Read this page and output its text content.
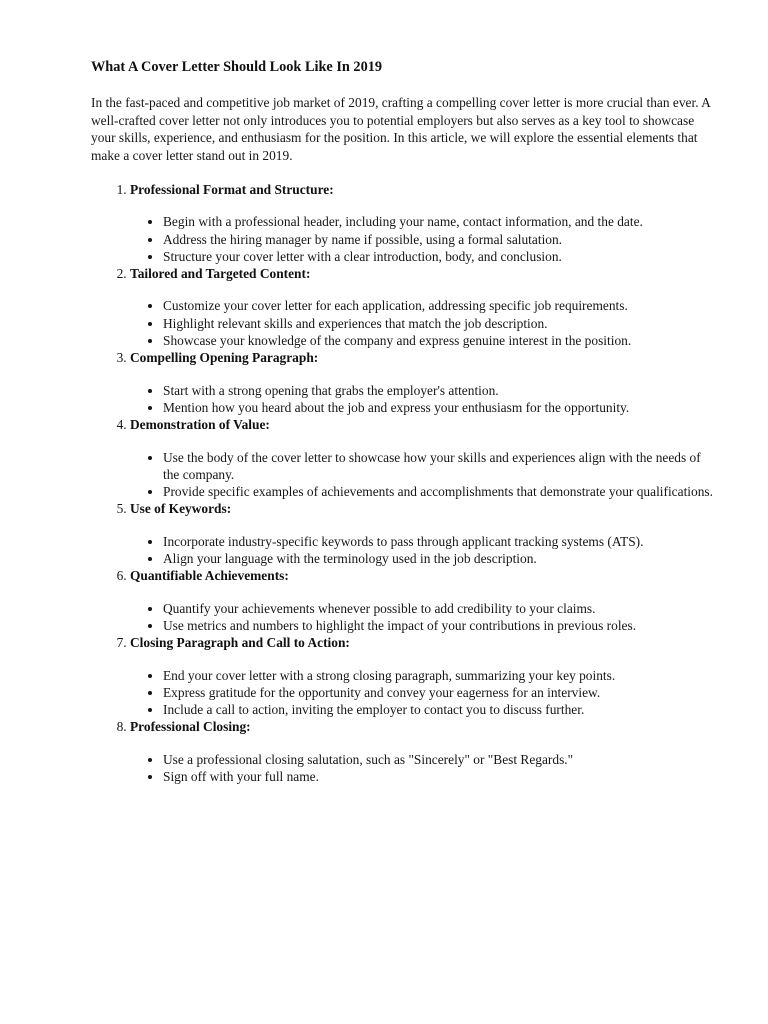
What A Cover Letter Should Look Like In 2019

In the fast-paced and competitive job market of 2019, crafting a compelling cover letter is more crucial than ever. A well-crafted cover letter not only introduces you to potential employers but also serves as a key tool to showcase your skills, experience, and enthusiasm for the position. In this article, we will explore the essential elements that make a cover letter stand out in 2019.

1. Professional Format and Structure:
• Begin with a professional header, including your name, contact information, and the date.
• Address the hiring manager by name if possible, using a formal salutation.
• Structure your cover letter with a clear introduction, body, and conclusion.
2. Tailored and Targeted Content:
• Customize your cover letter for each application, addressing specific job requirements.
• Highlight relevant skills and experiences that match the job description.
• Showcase your knowledge of the company and express genuine interest in the position.
3. Compelling Opening Paragraph:
• Start with a strong opening that grabs the employer's attention.
• Mention how you heard about the job and express your enthusiasm for the opportunity.
4. Demonstration of Value:
• Use the body of the cover letter to showcase how your skills and experiences align with the needs of the company.
• Provide specific examples of achievements and accomplishments that demonstrate your qualifications.
5. Use of Keywords:
• Incorporate industry-specific keywords to pass through applicant tracking systems (ATS).
• Align your language with the terminology used in the job description.
6. Quantifiable Achievements:
• Quantify your achievements whenever possible to add credibility to your claims.
• Use metrics and numbers to highlight the impact of your contributions in previous roles.
7. Closing Paragraph and Call to Action:
• End your cover letter with a strong closing paragraph, summarizing your key points.
• Express gratitude for the opportunity and convey your eagerness for an interview.
• Include a call to action, inviting the employer to contact you to discuss further.
8. Professional Closing:
• Use a professional closing salutation, such as "Sincerely" or "Best Regards."
• Sign off with your full name.
